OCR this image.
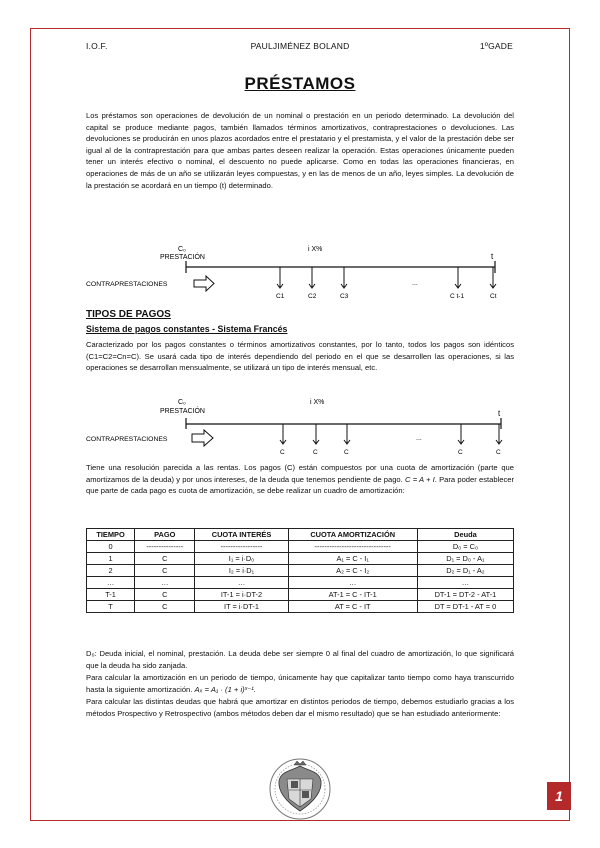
I.O.F.	PAULJIMÉNEZ BOLAND	1ºGADE
PRÉSTAMOS
Los préstamos son operaciones de devolución de un nominal o prestación en un periodo determinado. La devolución del capital se produce mediante pagos, también llamados términos amortizativos, contraprestaciones o devoluciones. Las devoluciones se producirán en unos plazos acordados entre el prestatario y el prestamista, y el valor de la prestación debe ser igual al de la contraprestación para que ambas partes deseen realizar la operación. Estas operaciones únicamente pueden tener un interés efectivo o nominal, el descuento no puede aplicarse. Como en todas las operaciones financieras, en operaciones de más de un año se utilizarán leyes compuestas, y en las de menos de un año, leyes simples. La devolución de la prestación se acordará en un tiempo (t) determinado.
C₀
PRESTACIÓN
i X%
t
CONTRAPRESTACIONES
C1	C2	C3
...
C t-1	Ct
TIPOS DE PAGOS
Sistema de pagos constantes - Sistema Francés
Caracterizado por los pagos constantes o términos amortizativos constantes, por lo tanto, todos los pagos son idénticos (C1=C2=Cn=C). Se usará cada tipo de interés dependiendo del periodo en el que se desarrollen las operaciones, si las operaciones se desarrollan mensualmente, se utilizará un tipo de interés mensual, etc.
C₀
PRESTACIÓN
i X%
t
CONTRAPRESTACIONES
C	C	C
...
C	C
Tiene una resolución parecida a las rentas. Los pagos (C) están compuestos por una cuota de amortización (parte que amortizamos de la deuda) y por unos intereses, de la deuda que tenemos pendiente de pago. C = A + I. Para poder establecer que parte de cada pago es cuota de amortización, se debe realizar un cuadro de amortización:
TIEMPO	PAGO	CUOTA INTERÉS	CUOTA AMORTIZACIÓN	Deuda
0	---------------	-----------------	-------------------------------	D₀ = C₀
1	C	I₁ = i·D₀	A₁ = C - I₁	D₁ = D₀ - A₁
2	C	I₂ = i·D₁	A₂ = C - I₂	D₂ = D₁ - A₂
…	…	…	…	…
T-1	C	IT-1 = i·DT-2	AT-1 = C - IT-1	DT-1 = DT-2 - AT-1
T	C	IT = i·DT-1	AT = C - IT	DT = DT-1 - AT = 0
D₀: Deuda inicial, el nominal, prestación. La deuda debe ser siempre 0 al final del cuadro de amortización, lo que significará que la deuda ha sido zanjada.
Para calcular la amortización en un periodo de tiempo, únicamente hay que capitalizar tanto tiempo como haya transcurrido hasta la siguiente amortización. Aₓ = A₁ · (1 + i)ˣ⁻¹.
Para calcular las distintas deudas que habrá que amortizar en distintos periodos de tiempo, debemos estudiarlo gracias a los métodos Prospectivo y Retrospectivo (ambos métodos deben dar el mismo resultado) que se han estudiado anteriormente:
1
